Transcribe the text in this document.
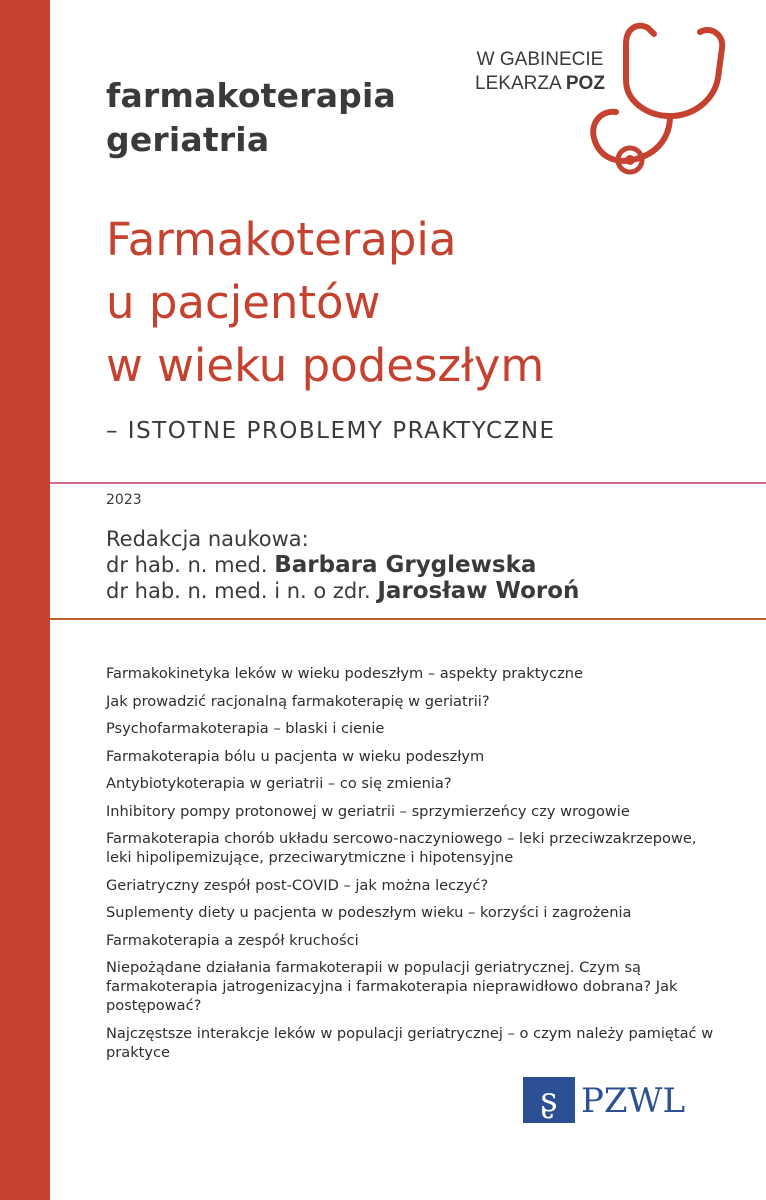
farmakoterapia
geriatria
W GABINECIE
LEKARZA POZ
Farmakoterapia
u pacjentów
w wieku podeszłym
– ISTOTNE PROBLEMY PRAKTYCZNE
2023
Redakcja naukowa:
dr hab. n. med. Barbara Gryglewska
dr hab. n. med. i n. o zdr. Jarosław Woroń
Farmakokinetyka leków w wieku podeszłym – aspekty praktyczne
Jak prowadzić racjonalną farmakoterapię w geriatrii?
Psychofarmakoterapia – blaski i cienie
Farmakoterapia bólu u pacjenta w wieku podeszłym
Antybiotykoterapia w geriatrii – co się zmienia?
Inhibitory pompy protonowej w geriatrii – sprzymierzeńcy czy wrogowie
Farmakoterapia chorób układu sercowo-naczyniowego – leki przeciwzakrzepowe, leki hipolipemizujące, przeciwarytmiczne i hipotensyjne
Geriatryczny zespół post-COVID – jak można leczyć?
Suplementy diety u pacjenta w podeszłym wieku – korzyści i zagrożenia
Farmakoterapia a zespół kruchości
Niepożądane działania farmakoterapii w populacji geriatrycznej. Czym są farmakoterapia jatrogenizacyjna i farmakoterapia nieprawidłowo dobrana? Jak postępować?
Najczęstsze interakcje leków w populacji geriatrycznej – o czym należy pamiętać w praktyce
ʂ PZWL
